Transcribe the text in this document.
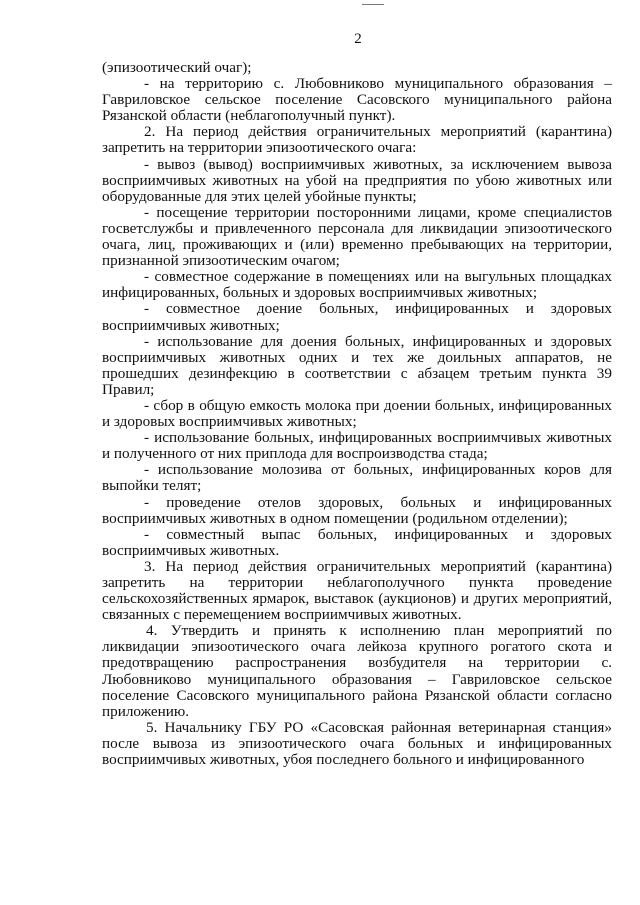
2

(эпизоотический очаг);

- на территорию с. Любовниково муниципального образования – Гавриловское сельское поселение Сасовского муниципального района Рязанской области (неблагополучный пункт).

2. На период действия ограничительных мероприятий (карантина) запретить на территории эпизоотического очага:

- вывоз (вывод) восприимчивых животных, за исключением вывоза восприимчивых животных на убой на предприятия по убою животных или оборудованные для этих целей убойные пункты;

- посещение территории посторонними лицами, кроме специалистов госветслужбы и привлеченного персонала для ликвидации эпизоотического очага, лиц, проживающих и (или) временно пребывающих на территории, признанной эпизоотическим очагом;

- совместное содержание в помещениях или на выгульных площадках инфицированных, больных и здоровых восприимчивых животных;

- совместное доение больных, инфицированных и здоровых восприимчивых животных;

- использование для доения больных, инфицированных и здоровых восприимчивых животных одних и тех же доильных аппаратов, не прошедших дезинфекцию в соответствии с абзацем третьим пункта 39 Правил;

- сбор в общую емкость молока при доении больных, инфицированных и здоровых восприимчивых животных;

- использование больных, инфицированных восприимчивых животных и полученного от них приплода для воспроизводства стада;

- использование молозива от больных, инфицированных коров для выпойки телят;

- проведение отелов здоровых, больных и инфицированных восприимчивых животных в одном помещении (родильном отделении);

- совместный выпас больных, инфицированных и здоровых восприимчивых животных.

3. На период действия ограничительных мероприятий (карантина) запретить на территории неблагополучного пункта проведение сельскохозяйственных ярмарок, выставок (аукционов) и других мероприятий, связанных с перемещением восприимчивых животных.

4. Утвердить и принять к исполнению план мероприятий по ликвидации эпизоотического очага лейкоза крупного рогатого скота и предотвращению распространения возбудителя на территории с. Любовниково муниципального образования – Гавриловское сельское поселение Сасовского муниципального района Рязанской области согласно приложению.

5. Начальнику ГБУ РО «Сасовская районная ветеринарная станция» после вывоза из эпизоотического очага больных и инфицированных восприимчивых животных, убоя последнего больного и инфицированного
